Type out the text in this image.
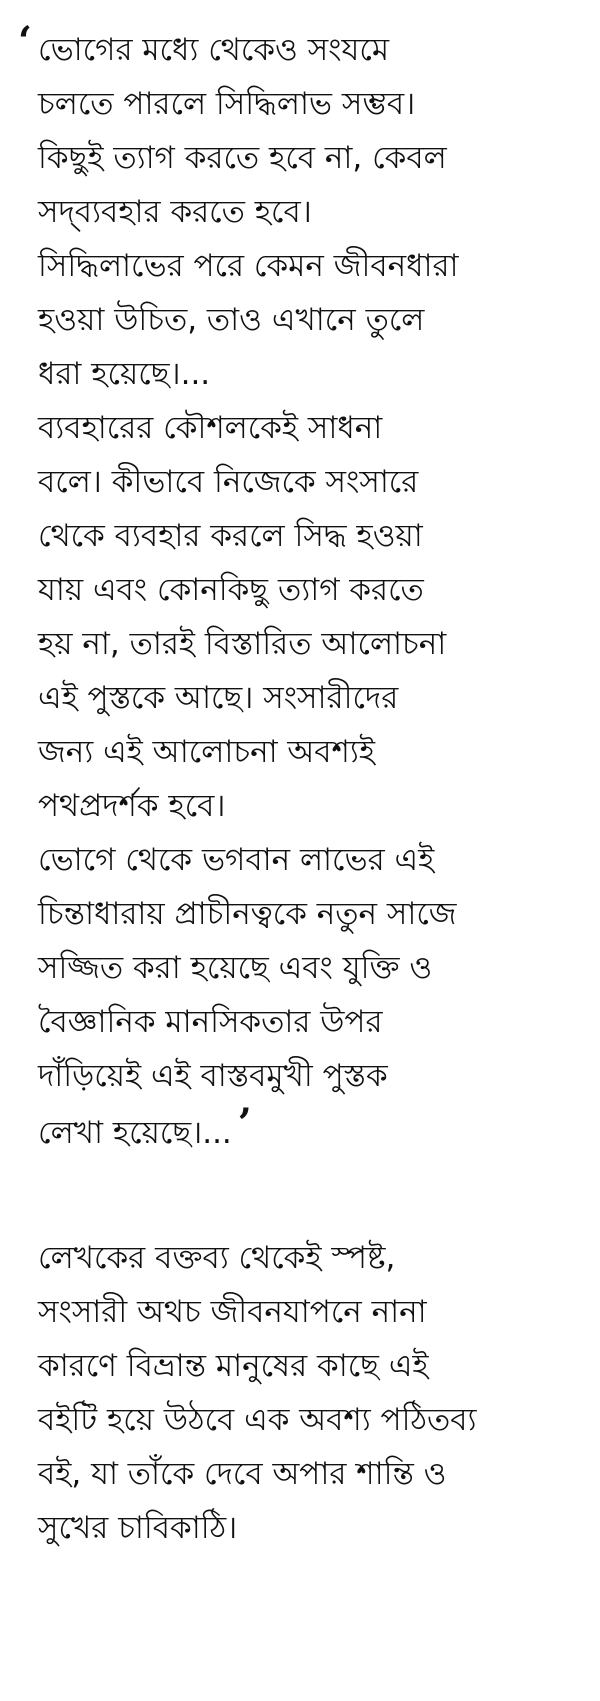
‘ ভোগের মধ্যে থেকেও সংযমে
চলতে পারলে সিদ্ধিলাভ সম্ভব।
কিছুই ত্যাগ করতে হবে না, কেবল
সদ্‌ব্যবহার করতে হবে।
সিদ্ধিলাভের পরে কেমন জীবনধারা
হওয়া উচিত, তাও এখানে তুলে
ধরা হয়েছে।...
ব্যবহারের কৌশলকেই সাধনা
বলে। কীভাবে নিজেকে সংসারে
থেকে ব্যবহার করলে সিদ্ধ হওয়া
যায় এবং কোনকিছু ত্যাগ করতে
হয় না, তারই বিস্তারিত আলোচনা
এই পুস্তকে আছে। সংসারীদের
জন্য এই আলোচনা অবশ্যই
পথপ্রদর্শক হবে।
ভোগে থেকে ভগবান লাভের এই
চিন্তাধারায় প্রাচীনত্বকে নতুন সাজে
সজ্জিত করা হয়েছে এবং যুক্তি ও
বৈজ্ঞানিক মানসিকতার উপর
দাঁড়িয়েই এই বাস্তবমুখী পুস্তক
লেখা হয়েছে।... ’
লেখকের বক্তব্য থেকেই স্পষ্ট,
সংসারী অথচ জীবনযাপনে নানা
কারণে বিভ্রান্ত মানুষের কাছে এই
বইটি হয়ে উঠবে এক অবশ্য পঠিতব্য
বই, যা তাঁকে দেবে অপার শান্তি ও
সুখের চাবিকাঠি।
